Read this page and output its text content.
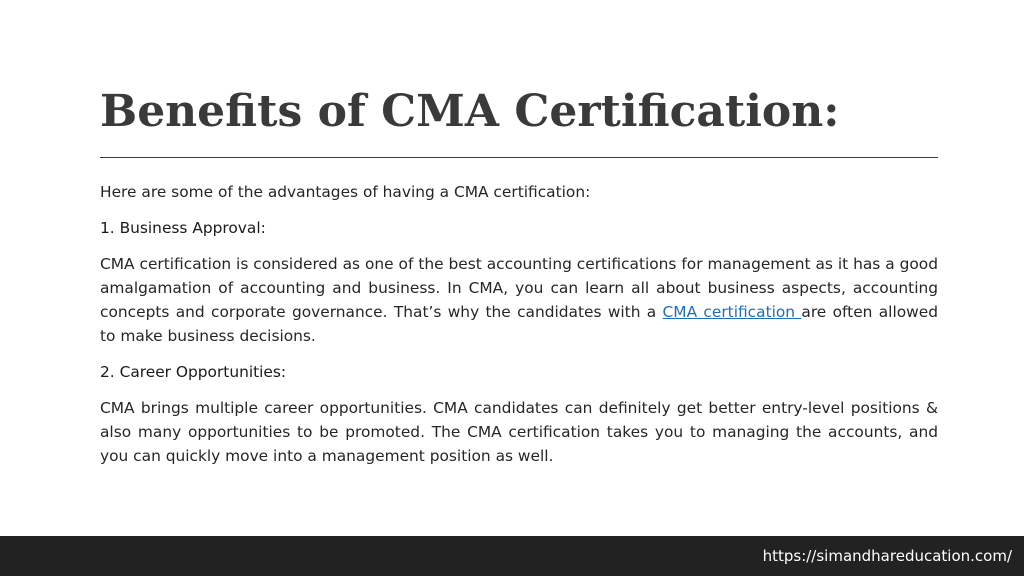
Benefits of CMA Certification:

Here are some of the advantages of having a CMA certification:

1. Business Approval:

CMA certification is considered as one of the best accounting certifications for management as it has a good amalgamation of accounting and business. In CMA, you can learn all about business aspects, accounting concepts and corporate governance. That’s why the candidates with a CMA certification are often allowed to make business decisions.

2. Career Opportunities:

CMA brings multiple career opportunities. CMA candidates can definitely get better entry-level positions & also many opportunities to be promoted. The CMA certification takes you to managing the accounts, and you can quickly move into a management position as well.

https://simandhareducation.com/
